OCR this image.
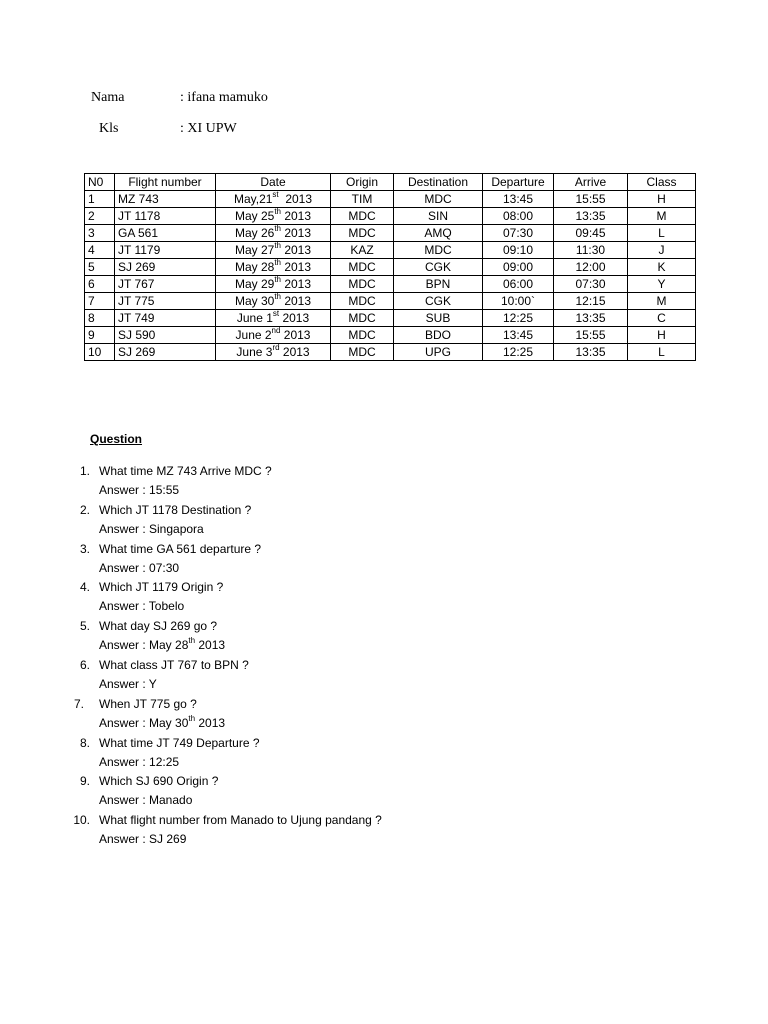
Nama	: ifana mamuko
Kls	: XI UPW
N0	Flight number	Date	Origin	Destination	Departure	Arrive	Class
1	MZ 743	May,21st  2013	TIM	MDC	13:45	15:55	H
2	JT 1178	May 25th 2013	MDC	SIN	08:00	13:35	M
3	GA 561	May 26th 2013	MDC	AMQ	07:30	09:45	L
4	JT 1179	May 27th 2013	KAZ	MDC	09:10	11:30	J
5	SJ 269	May 28th 2013	MDC	CGK	09:00	12:00	K
6	JT 767	May 29th 2013	MDC	BPN	06:00	07:30	Y
7	JT 775	May 30th 2013	MDC	CGK	10:00`	12:15	M
8	JT 749	June 1st 2013	MDC	SUB	12:25	13:35	C
9	SJ 590	June 2nd 2013	MDC	BDO	13:45	15:55	H
10	SJ 269	June 3rd 2013	MDC	UPG	12:25	13:35	L
Question
1. What time MZ 743 Arrive MDC ?
Answer : 15:55
2. Which JT 1178 Destination ?
Answer : Singapora
3. What time GA 561 departure ?
Answer : 07:30
4. Which JT 1179 Origin ?
Answer : Tobelo
5. What day SJ 269 go ?
Answer : May 28th 2013
6. What class JT 767 to BPN ?
Answer : Y
7. When JT 775 go ?
Answer : May 30th 2013
8. What time JT 749 Departure ?
Answer : 12:25
9. Which SJ 690 Origin ?
Answer : Manado
10. What flight number from Manado to Ujung pandang ?
Answer : SJ 269
